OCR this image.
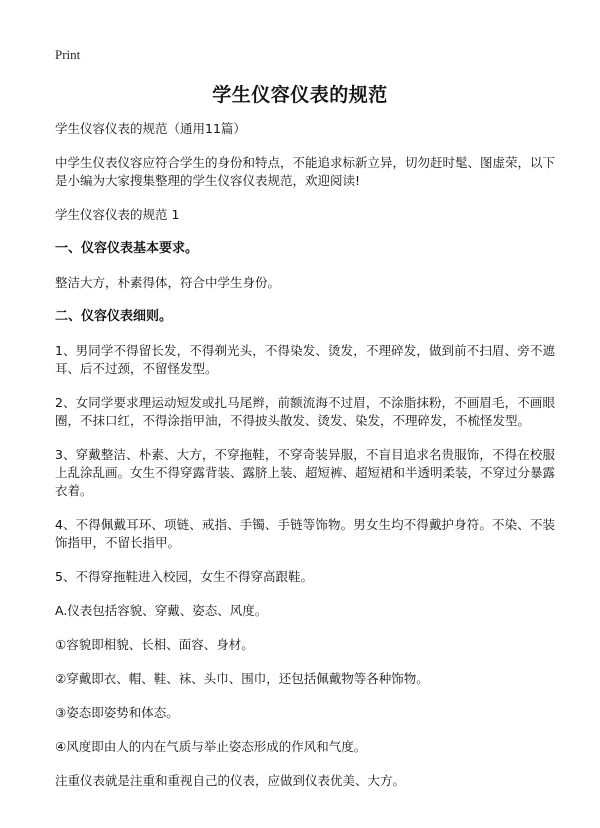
Print
学生仪容仪表的规范

学生仪容仪表的规范（通用11篇）

中学生仪表仪容应符合学生的身份和特点，不能追求标新立异，切勿赶时髦、图虚荣，以下是小编为大家搜集整理的学生仪容仪表规范，欢迎阅读!

学生仪容仪表的规范 1

一、仪容仪表基本要求。

整洁大方，朴素得体，符合中学生身份。

二、仪容仪表细则。

1、男同学不得留长发，不得剃光头，不得染发、烫发，不理碎发，做到前不扫眉、旁不遮耳、后不过颈，不留怪发型。

2、女同学要求理运动短发或扎马尾辫，前额流海不过眉，不涂脂抹粉，不画眉毛，不画眼圈，不抹口红，不得涂指甲油，不得披头散发、烫发、染发，不理碎发，不梳怪发型。

3、穿戴整洁、朴素、大方，不穿拖鞋，不穿奇装异服，不盲目追求名贵服饰，不得在校服上乱涂乱画。女生不得穿露背装、露脐上装、超短裤、超短裙和半透明柔装，不穿过分暴露衣着。

4、不得佩戴耳环、项链、戒指、手镯、手链等饰物。男女生均不得戴护身符。不染、不装饰指甲，不留长指甲。

5、不得穿拖鞋进入校园，女生不得穿高跟鞋。

A.仪表包括容貌、穿戴、姿态、风度。

①容貌即相貌、长相、面容、身材。

②穿戴即衣、帽、鞋、袜、头巾、围巾，还包括佩戴物等各种饰物。

③姿态即姿势和体态。

④风度即由人的内在气质与举止姿态形成的作风和气度。

注重仪表就是注重和重视自己的仪表，应做到仪表优美、大方。
